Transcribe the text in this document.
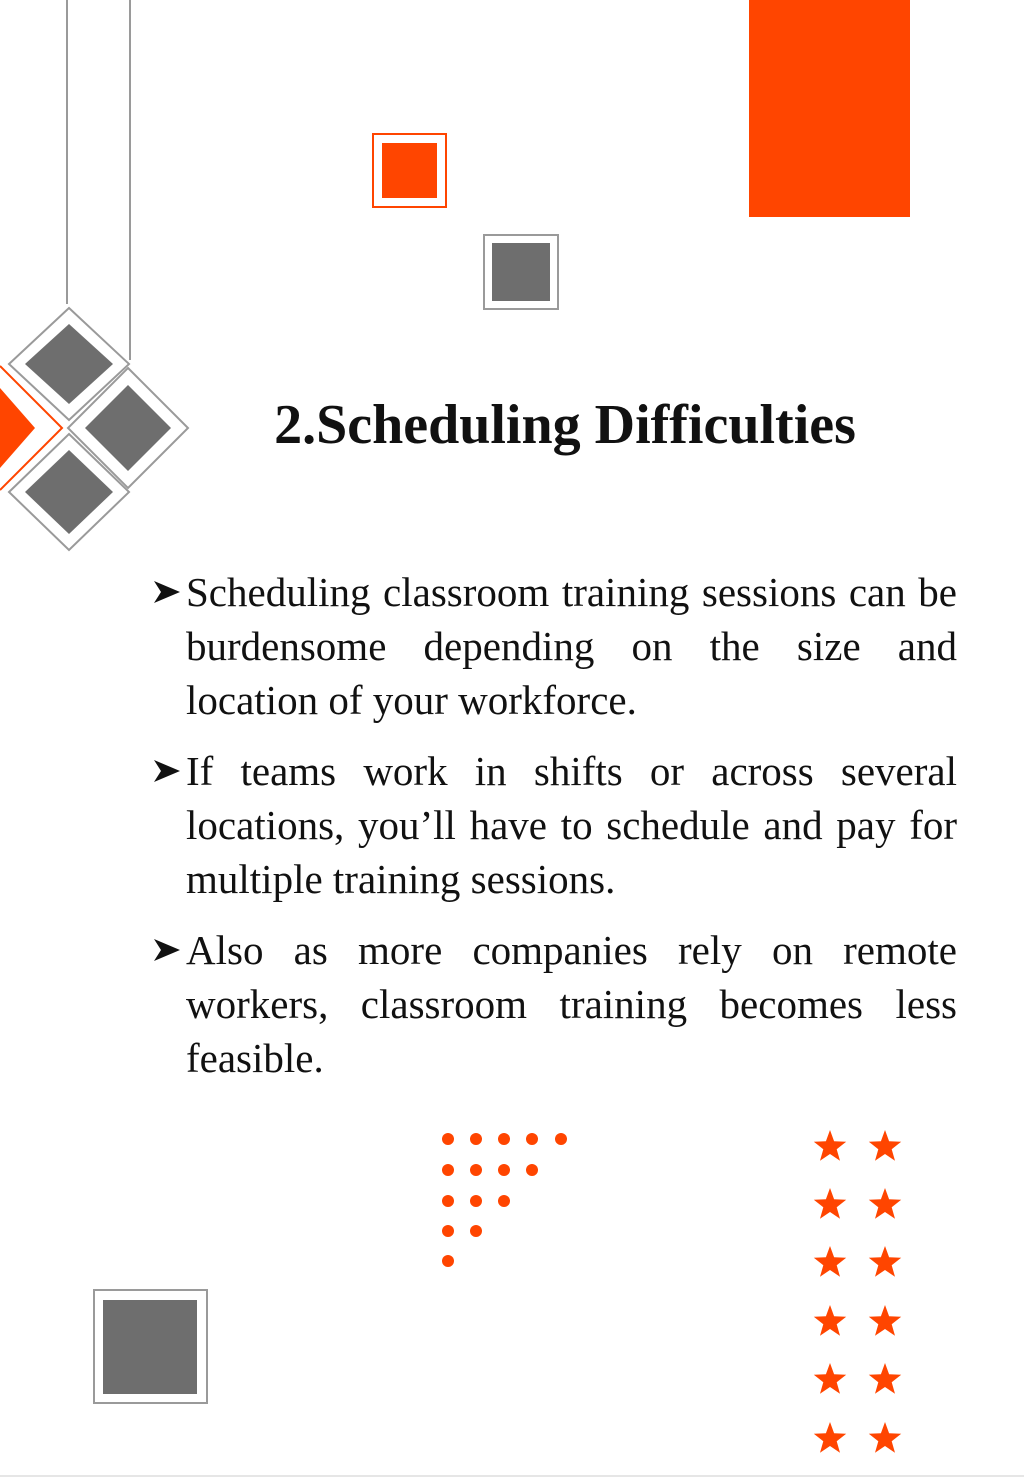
2.Scheduling Difficulties
Scheduling classroom training sessions can be burdensome depending on the size and location of your workforce.
If teams work in shifts or across several locations, you’ll have to schedule and pay for multiple training sessions.
Also as more companies rely on remote workers, classroom training becomes less feasible.
